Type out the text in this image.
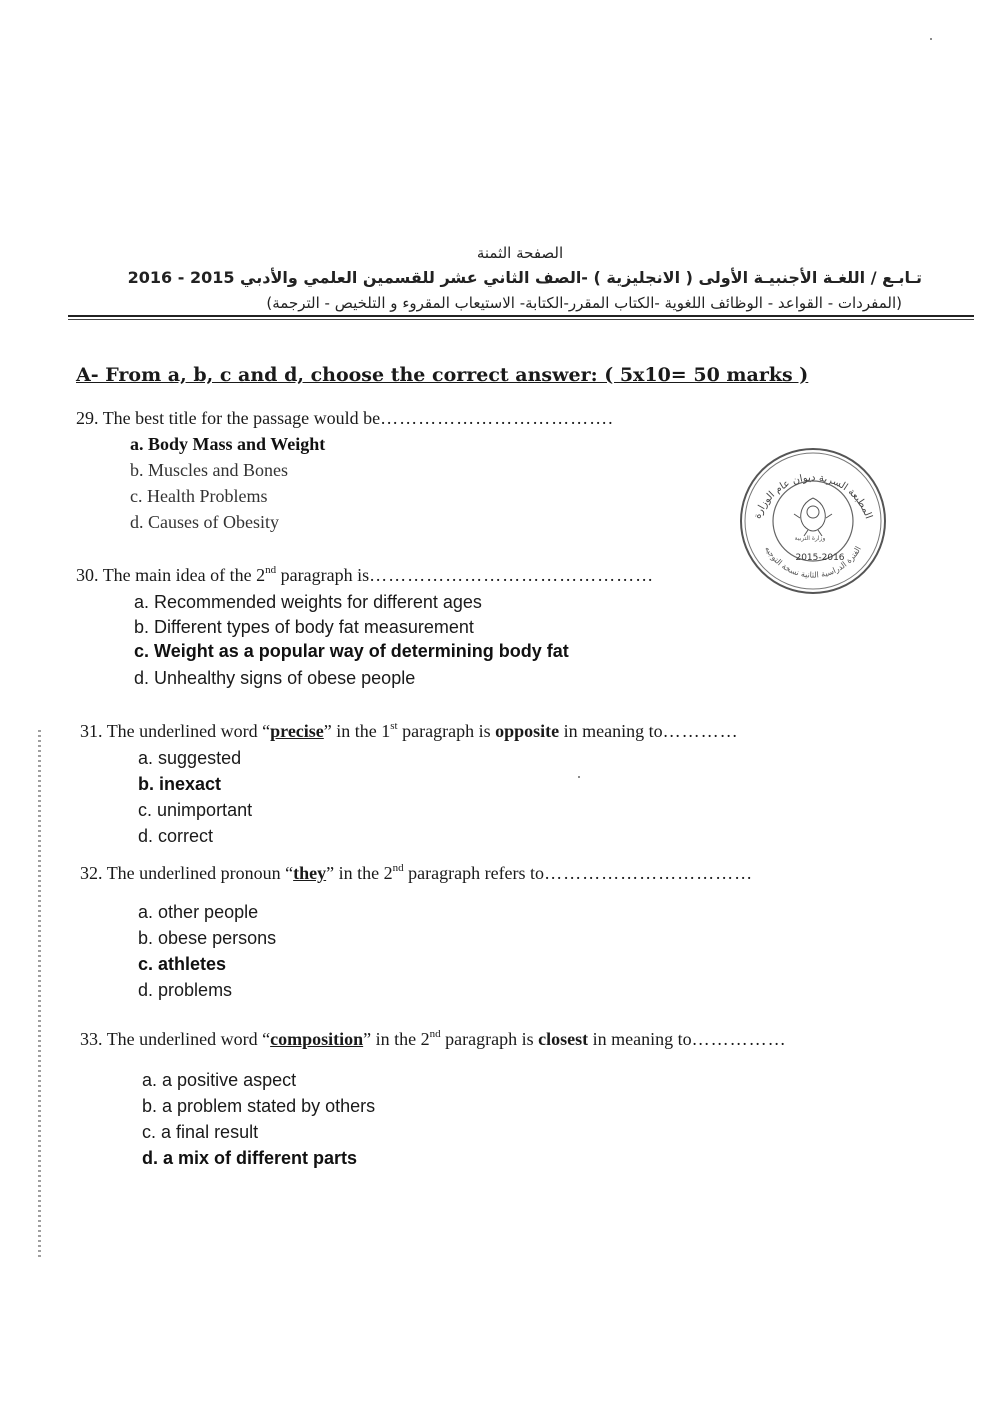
الصفحة الثمنة
تـابـع / اللغـة الأجنبيـة الأولى ( الانجليزية ) -الصف الثاني عشر للقسمين العلمي والأدبي 2015 - 2016
(المفردات - القواعد - الوظائف اللغوية -الكتاب المقرر-الكتابة- الاستيعاب المقروء و التلخيص - الترجمة)
A- From a, b, c and d, choose the correct answer: ( 5x10= 50 marks )
29. The best title for the passage would be……………………………….
a. Body Mass and Weight
b. Muscles and Bones
c. Health Problems
d. Causes of Obesity
30. The main idea of the 2nd paragraph is………………………………………
a. Recommended weights for different ages
b. Different types of body fat measurement
c. Weight as a popular way of determining body fat
d. Unhealthy signs of obese people
31. The underlined word “precise” in the 1st paragraph is opposite in meaning to…………
a. suggested
b. inexact
c. unimportant
d. correct
32. The underlined pronoun “they” in the 2nd paragraph refers to……………………………
a. other people
b. obese persons
c. athletes
d. problems
33. The underlined word “composition” in the 2nd paragraph is closest in meaning to……………
a. a positive aspect
b. a problem stated by others
c. a final result
d. a mix of different parts
المطبعة السرية ديوان عام الوزارة
الفترة الدراسية الثانية نسخة التوجيه
وزارة التربية
2015-2016
